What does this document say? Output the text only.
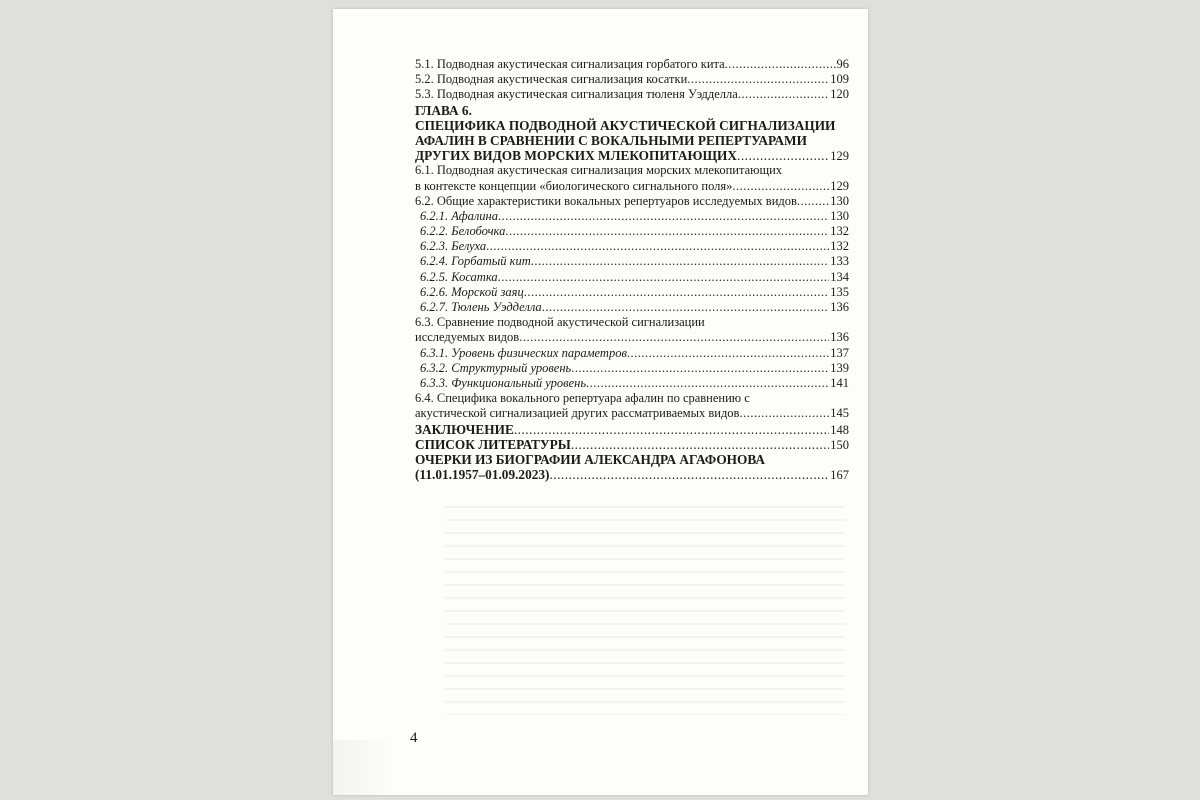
5.1. Подводная акустическая сигнализация горбатого кита .....	96
5.2. Подводная акустическая сигнализация косатки .....	109
5.3. Подводная акустическая сигнализация тюленя Уэдделла .....	120
ГЛАВА 6.
СПЕЦИФИКА ПОДВОДНОЙ АКУСТИЧЕСКОЙ СИГНАЛИЗАЦИИ
АФАЛИН В СРАВНЕНИИ С ВОКАЛЬНЫМИ РЕПЕРТУАРАМИ
ДРУГИХ ВИДОВ МОРСКИХ МЛЕКОПИТАЮЩИХ .....	129
6.1. Подводная акустическая сигнализация морских млекопитающих
в контексте концепции «биологического сигнального поля» .....	129
6.2. Общие характеристики вокальных репертуаров исследуемых видов .....	130
6.2.1. Афалина .....	130
6.2.2. Белобочка .....	132
6.2.3. Белуха .....	132
6.2.4. Горбатый кит .....	133
6.2.5. Косатка .....	134
6.2.6. Морской заяц .....	135
6.2.7. Тюлень Уэдделла .....	136
6.3. Сравнение подводной акустической сигнализации
исследуемых видов .....	136
6.3.1. Уровень физических параметров .....	137
6.3.2. Структурный уровень .....	139
6.3.3. Функциональный уровень .....	141
6.4. Специфика вокального репертуара афалин по сравнению с
акустической сигнализацией других рассматриваемых видов .....	145
ЗАКЛЮЧЕНИЕ .....	148
СПИСОК ЛИТЕРАТУРЫ .....	150
ОЧЕРКИ ИЗ БИОГРАФИИ АЛЕКСАНДРА АГАФОНОВА
(11.01.1957–01.09.2023) .....	167
4
